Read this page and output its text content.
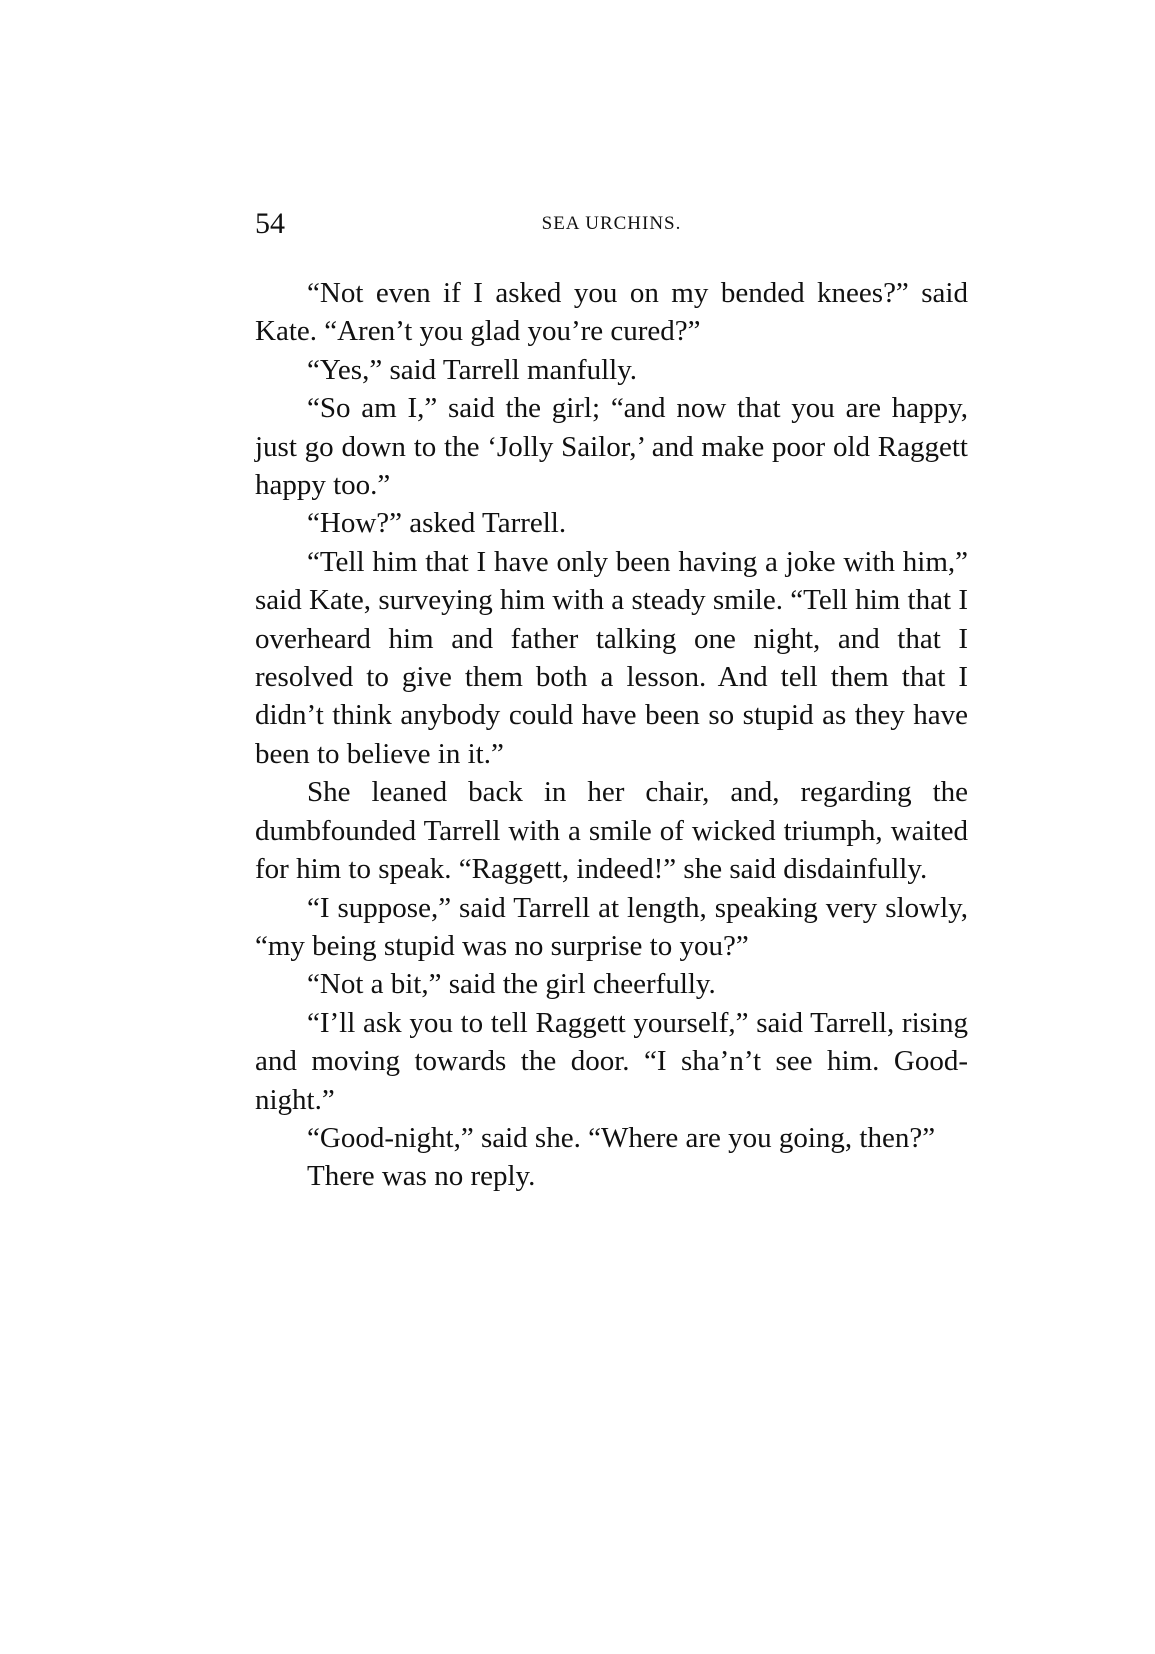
54	SEA URCHINS.

“Not even if I asked you on my bended knees?” said Kate. “Aren’t you glad you’re cured?”

“Yes,” said Tarrell manfully.

“So am I,” said the girl; “and now that you are happy, just go down to the ‘Jolly Sailor,’ and make poor old Raggett happy too.”

“How?” asked Tarrell.

“Tell him that I have only been having a joke with him,” said Kate, surveying him with a steady smile. “Tell him that I overheard him and father talking one night, and that I resolved to give them both a lesson. And tell them that I didn’t think anybody could have been so stupid as they have been to believe in it.”

She leaned back in her chair, and, regarding the dumbfounded Tarrell with a smile of wicked triumph, waited for him to speak. “Raggett, indeed!” she said disdainfully.

“I suppose,” said Tarrell at length, speaking very slowly, “my being stupid was no surprise to you?”

“Not a bit,” said the girl cheerfully.

“I’ll ask you to tell Raggett yourself,” said Tarrell, rising and moving towards the door. “I sha’n’t see him. Good-night.”

“Good-night,” said she. “Where are you going, then?”

There was no reply.
